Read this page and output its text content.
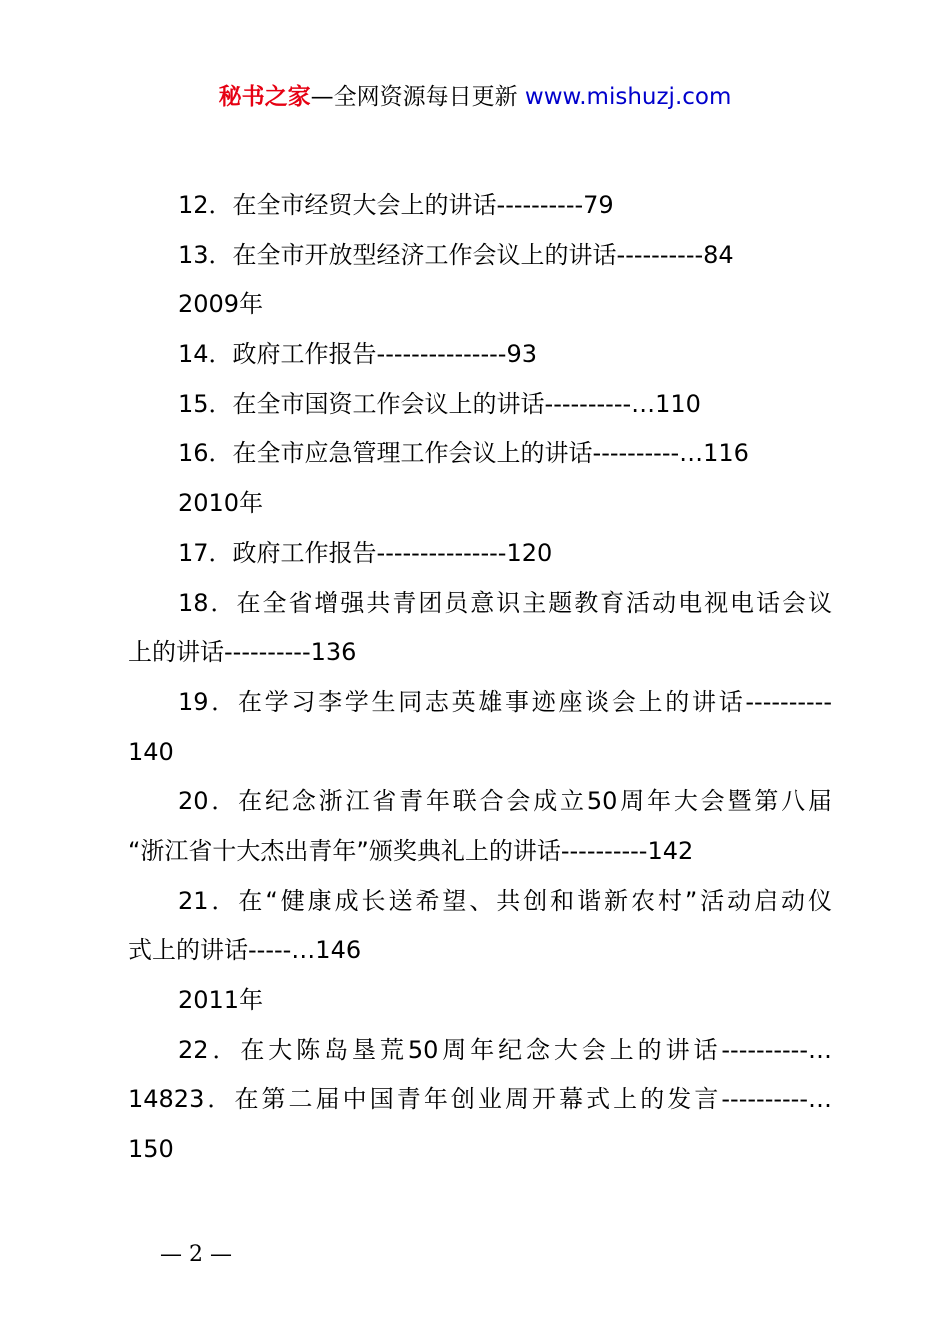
秘书之家—全网资源每日更新 www.mishuzj.com
12．在全市经贸大会上的讲话----------79
13．在全市开放型经济工作会议上的讲话----------84
2009年
14．政府工作报告---------------93
15．在全市国资工作会议上的讲话----------…110
16．在全市应急管理工作会议上的讲话----------…116
2010年
17．政府工作报告---------------120
18．在全省增强共青团员意识主题教育活动电视电话会议
上的讲话----------136
19．在学习李学生同志英雄事迹座谈会上的讲话----------
140
20．在纪念浙江省青年联合会成立50周年大会暨第八届
“浙江省十大杰出青年”颁奖典礼上的讲话----------142
21．在“健康成长送希望、共创和谐新农村”活动启动仪
式上的讲话-----…146
2011年
22．在大陈岛垦荒50周年纪念大会上的讲话----------…
14823．在第二届中国青年创业周开幕式上的发言----------…
150
— 2 —
